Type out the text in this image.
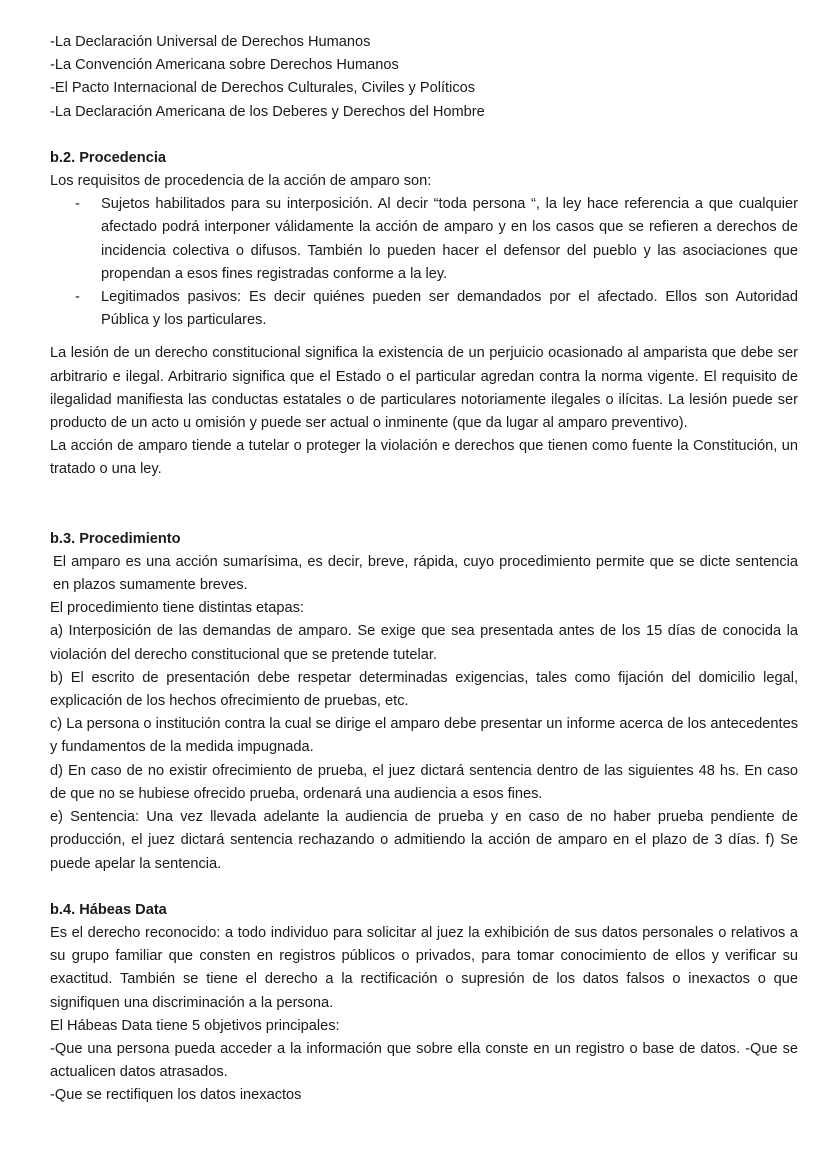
-La Declaración Universal de Derechos Humanos

-La Convención Americana sobre Derechos Humanos

-El Pacto Internacional de Derechos Culturales, Civiles y Políticos

-La Declaración Americana de los Deberes y Derechos del Hombre

b.2. Procedencia

Los requisitos de procedencia de la acción de amparo son:

- Sujetos habilitados para su interposición. Al decir “toda persona “, la ley hace referencia a que cualquier afectado podrá interponer válidamente la acción de amparo y en los casos que se refieren a derechos de incidencia colectiva o difusos. También lo pueden hacer el defensor del pueblo y las asociaciones que propendan a esos fines registradas conforme a la ley.
- Legitimados pasivos: Es decir quiénes pueden ser demandados por el afectado. Ellos son Autoridad Pública y los particulares.

La lesión de un derecho constitucional significa la existencia de un perjuicio ocasionado al amparista que debe ser arbitrario e ilegal. Arbitrario significa que el Estado o el particular agredan contra la norma vigente. El requisito de ilegalidad manifiesta las conductas estatales o de particulares notoriamente ilegales o ilícitas. La lesión puede ser producto de un acto u omisión y puede ser actual o inminente (que da lugar al amparo preventivo).

La acción de amparo tiende a tutelar o proteger la violación e derechos que tienen como fuente la Constitución, un tratado o una ley.

b.3. Procedimiento

El amparo es una acción sumarísima, es decir, breve, rápida, cuyo procedimiento permite que se dicte sentencia en plazos sumamente breves.

El procedimiento tiene distintas etapas:

a) Interposición de las demandas de amparo. Se exige que sea presentada antes de los 15 días de conocida la violación del derecho constitucional que se pretende tutelar.

b) El escrito de presentación debe respetar determinadas exigencias, tales como fijación del domicilio legal, explicación de los hechos ofrecimiento de pruebas, etc.

c) La persona o institución contra la cual se dirige el amparo debe presentar un informe acerca de los antecedentes y fundamentos de la medida impugnada.

d) En caso de no existir ofrecimiento de prueba, el juez dictará sentencia dentro de las siguientes 48 hs. En caso de que no se hubiese ofrecido prueba, ordenará una audiencia a esos fines.

e) Sentencia: Una vez llevada adelante la audiencia de prueba y en caso de no haber prueba pendiente de producción, el juez dictará sentencia rechazando o admitiendo la acción de amparo en el plazo de 3 días. f) Se puede apelar la sentencia.

b.4. Hábeas Data

Es el derecho reconocido: a todo individuo para solicitar al juez la exhibición de sus datos personales o relativos a su grupo familiar que consten en registros públicos o privados, para tomar conocimiento de ellos y verificar su exactitud. También se tiene el derecho a la rectificación o supresión de los datos falsos o inexactos o que signifiquen una discriminación a la persona.

El Hábeas Data tiene 5 objetivos principales:

-Que una persona pueda acceder a la información que sobre ella conste en un registro o base de datos. -Que se actualicen datos atrasados.

-Que se rectifiquen los datos inexactos
